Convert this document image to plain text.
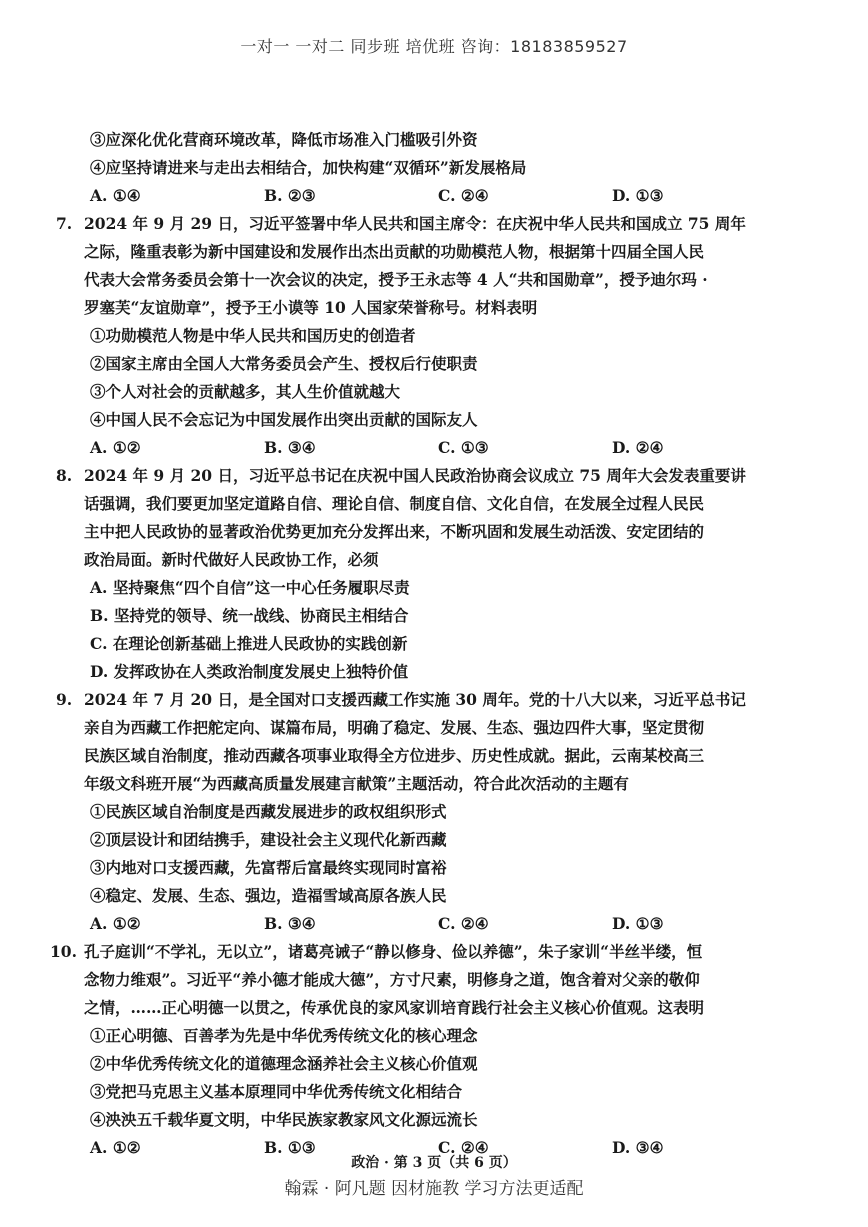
一对一 一对二 同步班 培优班 咨询：18183859527
③应深化优化营商环境改革，降低市场准入门槛吸引外资
④应坚持请进来与走出去相结合，加快构建“双循环”新发展格局
A. ①④	B. ②③	C. ②④	D. ①③
7. 2024 年 9 月 29 日，习近平签署中华人民共和国主席令：在庆祝中华人民共和国成立 75 周年
之际，隆重表彰为新中国建设和发展作出杰出贡献的功勋模范人物，根据第十四届全国人民
代表大会常务委员会第十一次会议的决定，授予王永志等 4 人“共和国勋章”，授予迪尔玛 ·
罗塞芙“友谊勋章”，授予王小谟等 10 人国家荣誉称号。材料表明
①功勋模范人物是中华人民共和国历史的创造者
②国家主席由全国人大常务委员会产生、授权后行使职责
③个人对社会的贡献越多，其人生价值就越大
④中国人民不会忘记为中国发展作出突出贡献的国际友人
A. ①②	B. ③④	C. ①③	D. ②④
8. 2024 年 9 月 20 日，习近平总书记在庆祝中国人民政治协商会议成立 75 周年大会发表重要讲
话强调，我们要更加坚定道路自信、理论自信、制度自信、文化自信，在发展全过程人民民
主中把人民政协的显著政治优势更加充分发挥出来，不断巩固和发展生动活泼、安定团结的
政治局面。新时代做好人民政协工作，必须
A. 坚持聚焦“四个自信”这一中心任务履职尽责
B. 坚持党的领导、统一战线、协商民主相结合
C. 在理论创新基础上推进人民政协的实践创新
D. 发挥政协在人类政治制度发展史上独特价值
9. 2024 年 7 月 20 日，是全国对口支援西藏工作实施 30 周年。党的十八大以来，习近平总书记
亲自为西藏工作把舵定向、谋篇布局，明确了稳定、发展、生态、强边四件大事，坚定贯彻
民族区域自治制度，推动西藏各项事业取得全方位进步、历史性成就。据此，云南某校高三
年级文科班开展“为西藏高质量发展建言献策”主题活动，符合此次活动的主题有
①民族区域自治制度是西藏发展进步的政权组织形式
②顶层设计和团结携手，建设社会主义现代化新西藏
③内地对口支援西藏，先富帮后富最终实现同时富裕
④稳定、发展、生态、强边，造福雪域高原各族人民
A. ①②	B. ③④	C. ②④	D. ①③
10. 孔子庭训“不学礼，无以立”，诸葛亮诫子“静以修身、俭以养德”，朱子家训“半丝半缕，恒
念物力维艰”。习近平“养小德才能成大德”，方寸尺素，明修身之道，饱含着对父亲的敬仰
之情，……正心明德一以贯之，传承优良的家风家训培育践行社会主义核心价值观。这表明
①正心明德、百善孝为先是中华优秀传统文化的核心理念
②中华优秀传统文化的道德理念涵养社会主义核心价值观
③党把马克思主义基本原理同中华优秀传统文化相结合
④泱泱五千载华夏文明，中华民族家教家风文化源远流长
A. ①②	B. ①③	C. ②④	D. ③④
政治 · 第 3 页（共 6 页）
翰霖 · 阿凡题 因材施教 学习方法更适配
